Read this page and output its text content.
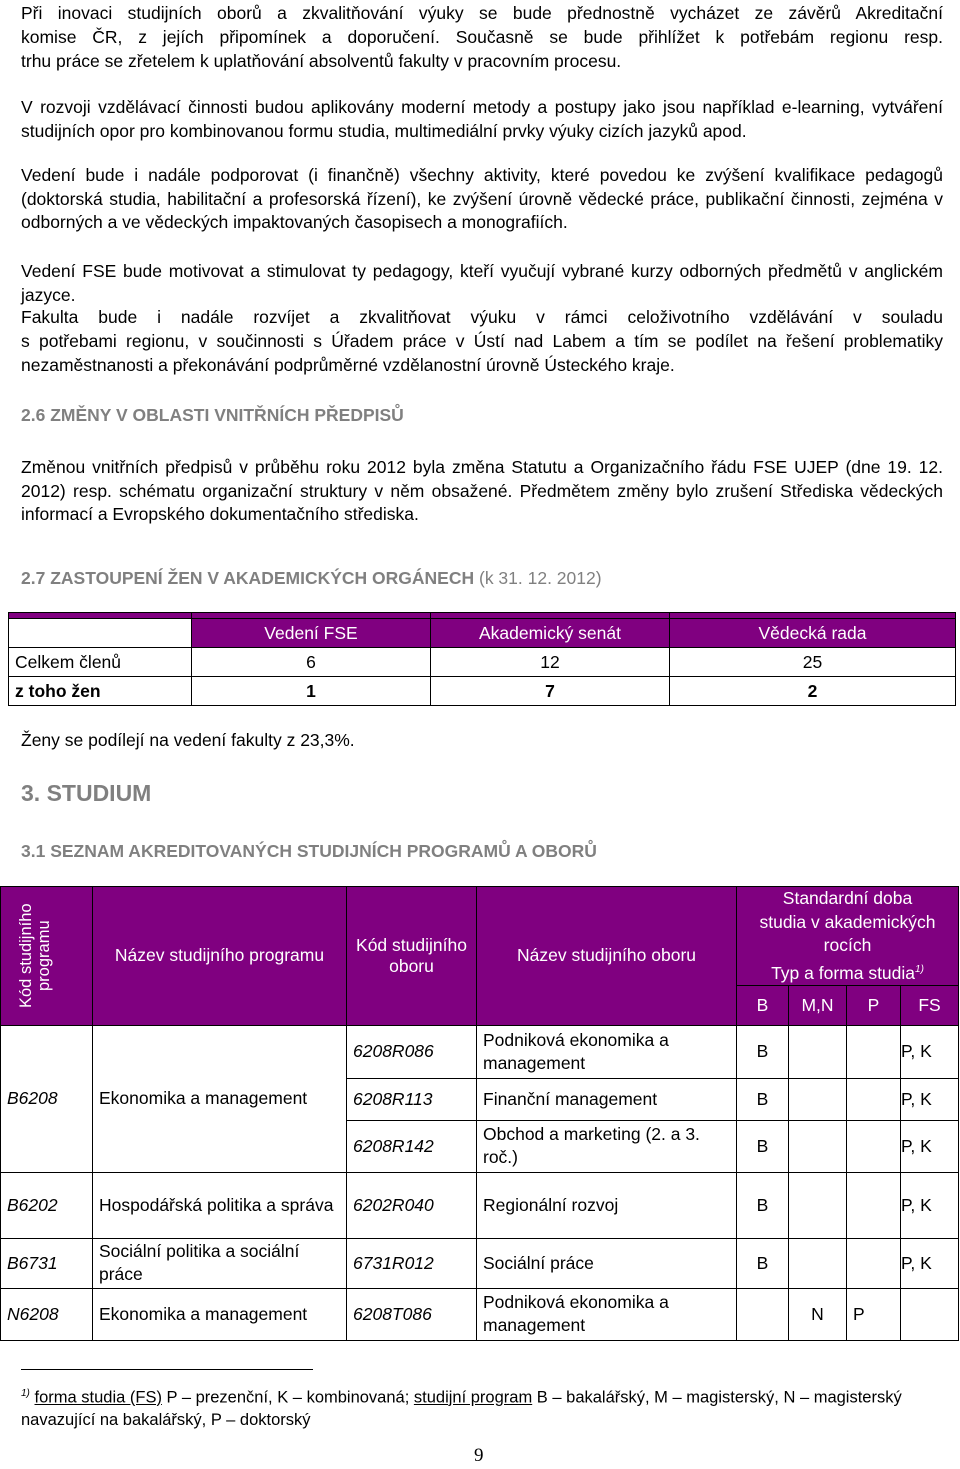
Při inovaci studijních oborů a zkvalitňování výuky se bude přednostně vycházet ze závěrů Akreditační

komise ČR, z jejích připomínek a doporučení. Současně se bude přihlížet k potřebám regionu resp.

trhu práce se zřetelem k uplatňování absolventů fakulty v pracovním procesu.

V rozvoji vzdělávací činnosti budou aplikovány moderní metody a postupy jako jsou například e-learning, vytváření studijních opor pro kombinovanou formu studia, multimediální prvky výuky cizích jazyků apod.

Vedení bude i nadále podporovat (i finančně) všechny aktivity, které povedou ke zvýšení kvalifikace pedagogů (doktorská studia, habilitační a profesorská řízení), ke zvýšení úrovně vědecké práce, publikační činnosti, zejména v odborných a ve vědeckých impaktovaných časopisech a monografiích.

Vedení FSE bude motivovat a stimulovat ty pedagogy, kteří vyučují vybrané kurzy odborných předmětů v anglickém jazyce.

Fakulta bude i nadále rozvíjet a zkvalitňovat výuku v rámci celoživotního vzdělávání v souladu

s potřebami regionu, v součinnosti s Úřadem práce v Ústí nad Labem a tím se podílet na řešení problematiky nezaměstnanosti a překonávání podprůměrné vzdělanostní úrovně Ústeckého kraje.

2.6 ZMĚNY V OBLASTI VNITŘNÍCH PŘEDPISŮ

Změnou vnitřních předpisů v průběhu roku 2012 byla změna Statutu a Organizačního řádu FSE UJEP (dne 19. 12. 2012) resp. schématu organizační struktury v něm obsažené. Předmětem změny bylo zrušení Střediska vědeckých informací a Evropského dokumentačního střediska.

2.7 ZASTOUPENÍ ŽEN V AKADEMICKÝCH ORGÁNECH (k 31. 12. 2012)

	Vedení FSE	Akademický senát	Vědecká rada
Celkem členů	6	12	25
z toho žen	1	7	2

Ženy se podílejí na vedení fakulty z 23,3%.

3. STUDIUM

3.1 SEZNAM AKREDITOVANÝCH STUDIJNÍCH PROGRAMŮ A OBORŮ

Kód studijního programu	Název studijního programu	Kód studijního oboru	Název studijního oboru	Standardní doba
studia v akademických
rocích
Typ a forma studia$^{1)}$
				B	M,N	P	FS
B6208	Ekonomika a management	6208R086	Podniková ekonomika a management	B			P, K
		6208R113	Finanční management	B			P, K
		6208R142	Obchod a marketing (2. a 3. roč.)	B			P, K
B6202	Hospodářská politika a správa	6202R040	Regionální rozvoj	B			P, K
B6731	Sociální politika a sociální práce	6731R012	Sociální práce	B			P, K
N6208	Ekonomika a management	6208T086	Podniková ekonomika a management		N	P	

$^{1)}$ forma studia (FS) P – prezenční, K – kombinovaná; studijní program B – bakalářský, M – magisterský, N – magisterský navazující na bakalářský, P – doktorský

9
